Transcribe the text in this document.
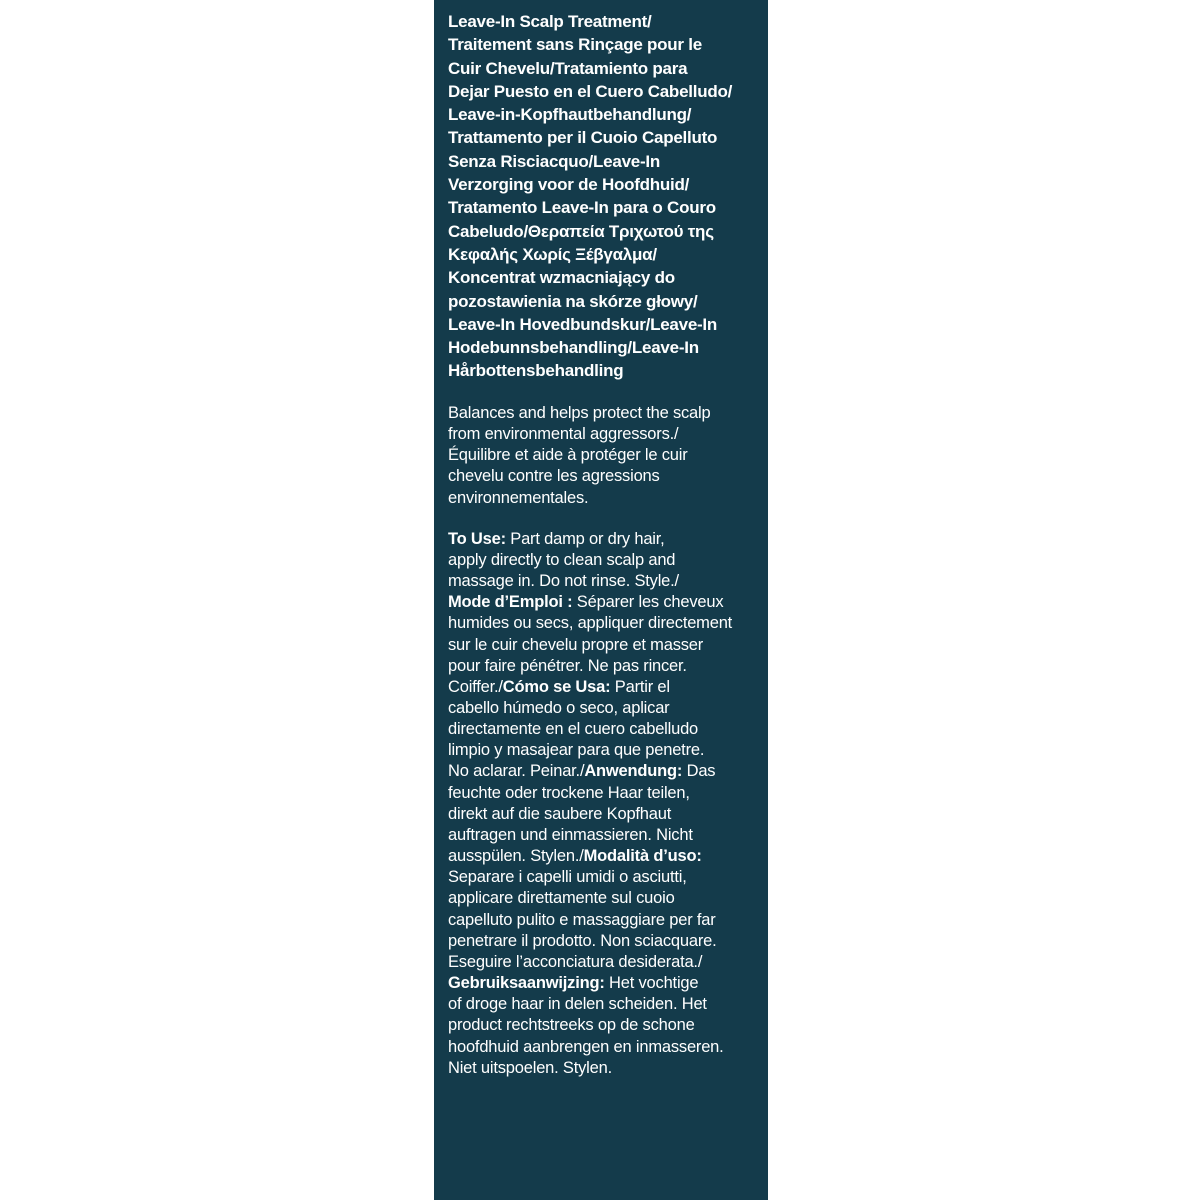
Leave-In Scalp Treatment/
Traitement sans Rinçage pour le
Cuir Chevelu/Tratamiento para
Dejar Puesto en el Cuero Cabelludo/
Leave-in-Kopfhautbehandlung/
Trattamento per il Cuoio Capelluto
Senza Risciacquo/Leave-In
Verzorging voor de Hoofdhuid/
Tratamento Leave-In para o Couro
Cabeludo/Θεραπεία Τριχωτού της
Κεφαλής Χωρίς Ξέβγαλμα/
Koncentrat wzmacniający do
pozostawienia na skórze głowy/
Leave-In Hovedbundskur/Leave-In
Hodebunnsbehandling/Leave-In
Hårbottensbehandling
Balances and helps protect the scalp
from environmental aggressors./
Équilibre et aide à protéger le cuir
chevelu contre les agressions
environnementales.
To Use: Part damp or dry hair,
apply directly to clean scalp and
massage in. Do not rinse. Style./
Mode d’Emploi : Séparer les cheveux
humides ou secs, appliquer directement
sur le cuir chevelu propre et masser
pour faire pénétrer. Ne pas rincer.
Coiffer./Cómo se Usa: Partir el
cabello húmedo o seco, aplicar
directamente en el cuero cabelludo
limpio y masajear para que penetre.
No aclarar. Peinar./Anwendung: Das
feuchte oder trockene Haar teilen,
direkt auf die saubere Kopfhaut
auftragen und einmassieren. Nicht
ausspülen. Stylen./Modalità d’uso:
Separare i capelli umidi o asciutti,
applicare direttamente sul cuoio
capelluto pulito e massaggiare per far
penetrare il prodotto. Non sciacquare.
Eseguire l’acconciatura desiderata./
Gebruiksaanwijzing: Het vochtige
of droge haar in delen scheiden. Het
product rechtstreeks op de schone
hoofdhuid aanbrengen en inmasseren.
Niet uitspoelen. Stylen.
